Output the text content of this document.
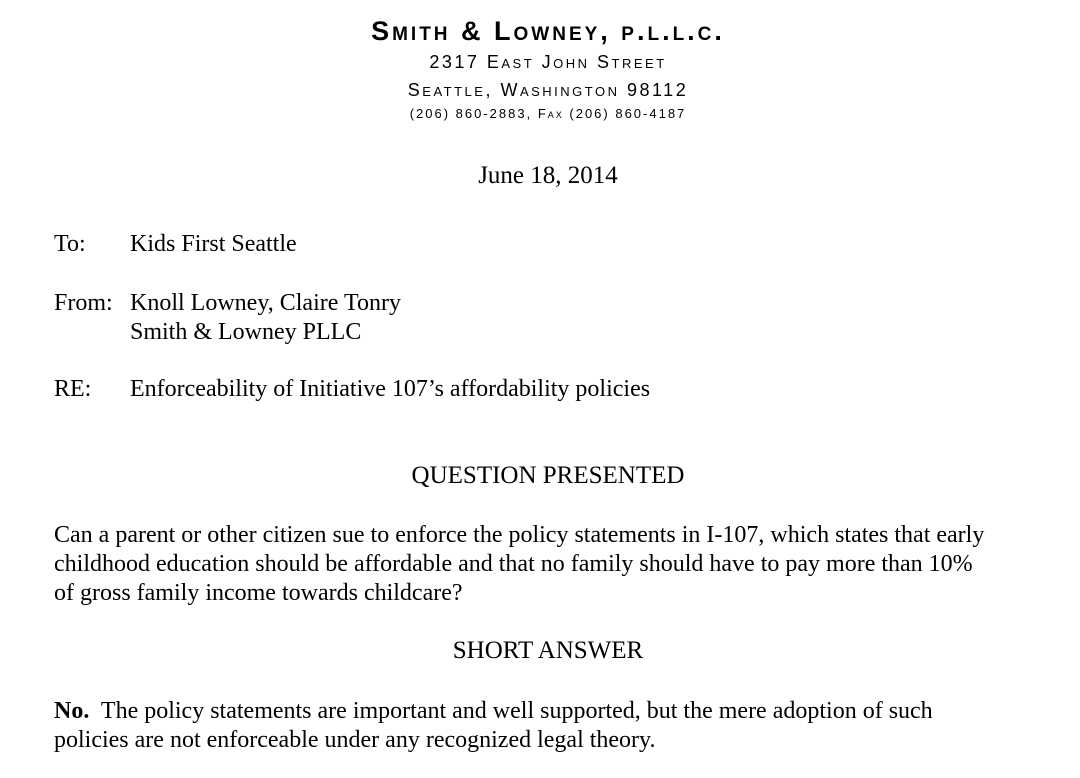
Smith & Lowney, p.l.l.c.
2317 East John Street
Seattle, Washington 98112
(206) 860-2883, Fax (206) 860-4187
June 18, 2014
To:	Kids First Seattle
From: Knoll Lowney, Claire Tonry
Smith & Lowney PLLC
RE:	Enforceability of Initiative 107’s affordability policies
QUESTION PRESENTED
Can a parent or other citizen sue to enforce the policy statements in I-107, which states that early
childhood education should be affordable and that no family should have to pay more than 10%
of gross family income towards childcare?
SHORT ANSWER
No.  The policy statements are important and well supported, but the mere adoption of such
policies are not enforceable under any recognized legal theory.
